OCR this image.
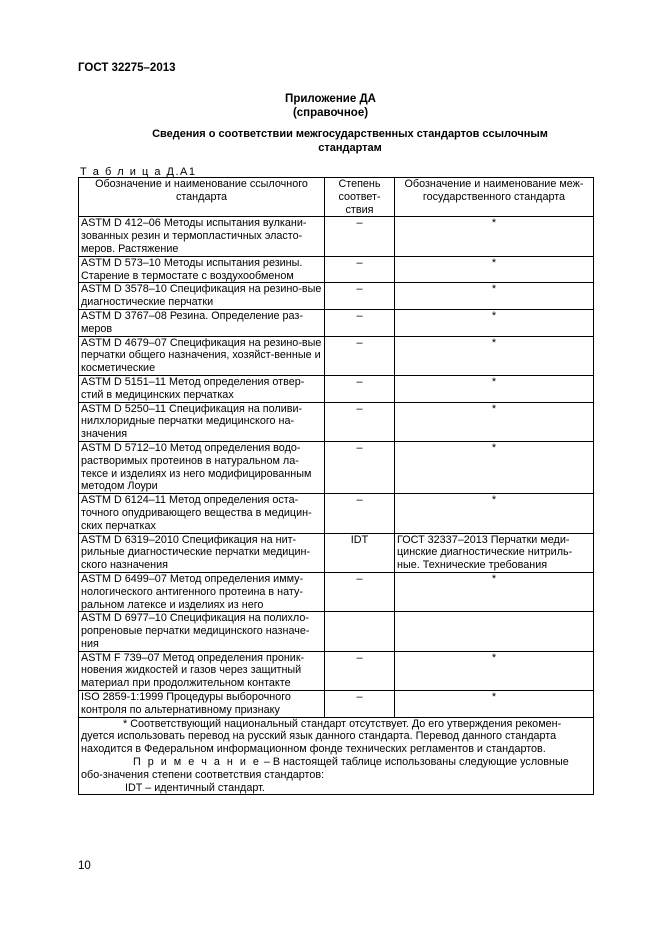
ГОСТ 32275–2013
Приложение ДА
(справочное)
Сведения о соответствии межгосударственных стандартов ссылочным стандартам
Т а б л и ц а Д.А1
Обозначение и наименование ссылочного стандарта	Степень соответ-ствия	Обозначение и наименование меж-государственного стандарта
ASTM D 412–06 Методы испытания вулкани-зованных резин и термопластичных эласто-меров. Растяжение	–	*
ASTM D 573–10 Методы испытания резины. Старение в термостате с воздухообменом	–	*
ASTM D 3578–10 Спецификация на резино-вые диагностические перчатки	–	*
ASTM D 3767–08 Резина. Определение раз-меров	–	*
ASTM D 4679–07 Спецификация на резино-вые перчатки общего назначения, хозяйст-венные и косметические	–	*
ASTM D 5151–11 Метод определения отвер-стий в медицинских перчатках	–	*
ASTM D 5250–11 Спецификация на поливи-нилхлоридные перчатки медицинского на-значения	–	*
ASTM D 5712–10 Метод определения водо-растворимых протеинов в натуральном ла-тексе и изделиях из него модифицированным методом Лоури	–	*
ASTM D 6124–11 Метод определения оста-точного опудривающего вещества в медицин-ских перчатках	–	*
ASTM D 6319–2010 Спецификация на нит-рильные диагностические перчатки медицин-ского назначения	IDT	ГОСТ 32337–2013 Перчатки меди-цинские диагностические нитриль-ные. Технические требования
ASTM D 6499–07 Метод определения имму-нологического антигенного протеина в нату-ральном латексе и изделиях из него	–	*
ASTM D 6977–10 Спецификация на полихло-ропреновые перчатки медицинского назначе-ния		
ASTM F 739–07 Метод определения проник-новения жидкостей и газов через защитный материал при продолжительном контакте	–	*
ISO 2859-1:1999 Процедуры выборочного контроля по альтернативному признаку	–	*

* Соответствующий национальный стандарт отсутствует. До его утверждения рекомен-дуется использовать перевод на русский язык данного стандарта. Перевод данного стандарта находится в Федеральном информационном фонде технических регламентов и стандартов.
П р и м е ч а н и е – В настоящей таблице использованы следующие условные обо-значения степени соответствия стандартов:
IDT – идентичный стандарт.		
10
